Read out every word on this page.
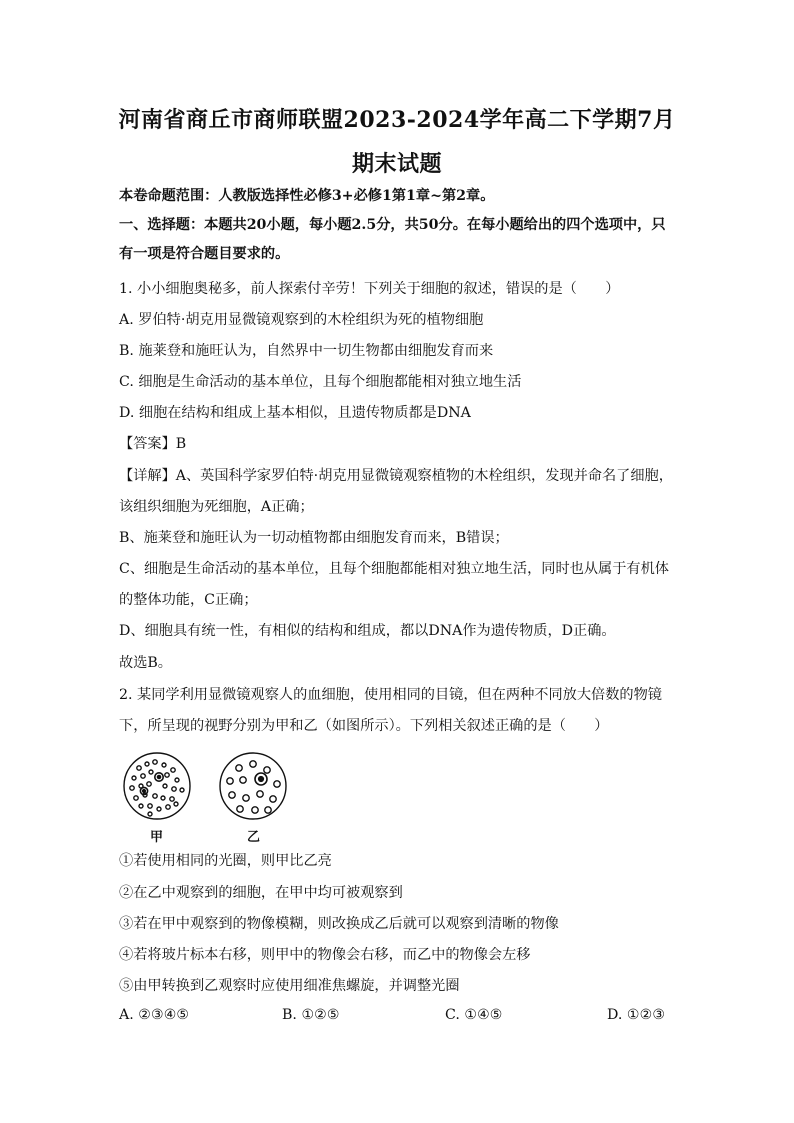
河南省商丘市商师联盟2023-2024学年高二下学期7月
期末试题
本卷命题范围：人教版选择性必修3+必修1第1章~第2章。
一、选择题：本题共20小题，每小题2.5分，共50分。在每小题给出的四个选项中，只
有一项是符合题目要求的。
1. 小小细胞奥秘多，前人探索付辛劳！下列关于细胞的叙述，错误的是（　　）
A. 罗伯特·胡克用显微镜观察到的木栓组织为死的植物细胞
B. 施莱登和施旺认为，自然界中一切生物都由细胞发育而来
C. 细胞是生命活动的基本单位，且每个细胞都能相对独立地生活
D. 细胞在结构和组成上基本相似，且遗传物质都是DNA
【答案】B
【详解】A、英国科学家罗伯特·胡克用显微镜观察植物的木栓组织，发现并命名了细胞，
该组织细胞为死细胞，A正确；
B、施莱登和施旺认为一切动植物都由细胞发育而来，B错误；
C、细胞是生命活动的基本单位，且每个细胞都能相对独立地生活，同时也从属于有机体
的整体功能，C正确；
D、细胞具有统一性，有相似的结构和组成，都以DNA作为遗传物质，D正确。
故选B。
2. 某同学利用显微镜观察人的血细胞，使用相同的目镜，但在两种不同放大倍数的物镜
下，所呈现的视野分别为甲和乙（如图所示）。下列相关叙述正确的是（　　）
甲	乙
①若使用相同的光圈，则甲比乙亮
②在乙中观察到的细胞，在甲中均可被观察到
③若在甲中观察到的物像模糊，则改换成乙后就可以观察到清晰的物像
④若将玻片标本右移，则甲中的物像会右移，而乙中的物像会左移
⑤由甲转换到乙观察时应使用细准焦螺旋，并调整光圈
A. ②③④⑤	B. ①②⑤	C. ①④⑤	D. ①②③
